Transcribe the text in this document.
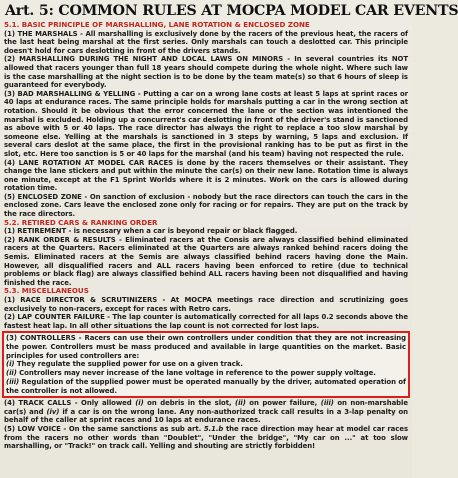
Art. 5: COMMON RULES AT MOCPA MODEL CAR EVENTS
5.1. BASIC PRINCIPLE OF MARSHALLING, LANE ROTATION & ENCLOSED ZONE

(1) THE MARSHALS - All marshalling is exclusively done by the racers of the previous heat, the racers of the last heat being marshal at the first series. Only marshals can touch a deslotted car. This principle doesn't hold for cars deslotting in front of the drivers stands.

(2) MARSHALLING DURING THE NIGHT AND LOCAL LAWS ON MINORS - In several countries its NOT allowed that racers younger than full 18 years should compete during the whole night. Where such law is the case marshalling at the night section is to be done by the team mate(s) so that 6 hours of sleep is guaranteed for everybody.

(3) BAD MARSHALLING & YELLING - Putting a car on a wrong lane costs at least 5 laps at sprint races or 40 laps at endurance races. The same principle holds for marshals putting a car in the wrong section at rotation. Should it be obvious that the error concerned the lane or the section was intentioned the marshal is excluded. Holding up a concurrent's car deslotting in front of the driver's stand is sanctioned as above with 5 or 40 laps. The race director has always the right to replace a too slow marshal by someone else. Yelling at the marshals is sanctioned in 3 steps by warning, 5 laps and exclusion. If several cars deslot at the same place, the first in the provisional ranking has to be put as first in the slot, etc. Here too sanction is 5 or 40 laps for the marshal (and his team) having not respected the rule.

(4) LANE ROTATION AT MODEL CAR RACES is done by the racers themselves or their assistant. They change the lane stickers and put within the minute the car(s) on their new lane. Rotation time is always one minute, except at the F1 Sprint Worlds where it is 2 minutes. Work on the cars is allowed during rotation time.

(5) ENCLOSED ZONE - On sanction of exclusion - nobody but the race directors can touch the cars in the enclosed zone. Cars leave the enclosed zone only for racing or for repairs. They are put on the track by the race directors.

5.2. RETIRED CARS & RANKING ORDER

(1) RETIREMENT - is necessary when a car is beyond repair or black flagged.

(2) RANK ORDER & RESULTS - Eliminated racers at the Consis are always classified behind eliminated racers at the Quarters. Racers eliminated at the Quarters are always ranked behind racers doing the Semis. Eliminated racers at the Semis are always classified behind racers having done the Main. However, all disqualified racers and ALL racers having been enforced to retire (due to technical problems or black flag) are always classified behind ALL racers having been not disqualified and having finished the race.

5.3. MISCELLANEOUS

(1) RACE DIRECTOR & SCRUTINIZERS - At MOCPA meetings race direction and scrutinizing goes exclusively to non-racers, except for races with Retro cars.

(2) LAP COUNTER FAILURE - The lap counter is automatically corrected for all laps 0.2 seconds above the fastest heat lap. In all other situations the lap count is not corrected for lost laps.

(3) CONTROLLERS - Racers can use their own controllers under condition that they are not increasing the power. Controllers must be mass produced and available in large quantities on the market. Basic principles for used controllers are:

(i) They regulate the supplied power for use on a given track.

(ii) Controllers may never increase of the lane voltage in reference to the power supply voltage.

(iii) Regulation of the supplied power must be operated manually by the driver, automated operation of the controller is not allowed.

(4) TRACK CALLS - Only allowed (i) on debris in the slot, (ii) on power failure, (iii) on non-marshable car(s) and (iv) if a car is on the wrong lane. Any non-authorized track call results in a 3-lap penalty on behalf of the caller at sprint races and 10 laps at endurance races.

(5) LOW VOICE - On the same sanctions as sub art. 5.1.b the race direction may hear at model car races from the racers no other words than "Doublet", "Under the bridge", "My car on ..." at too slow marshalling, or "Track!" on track call. Yelling and shouting are strictly forbidden!
